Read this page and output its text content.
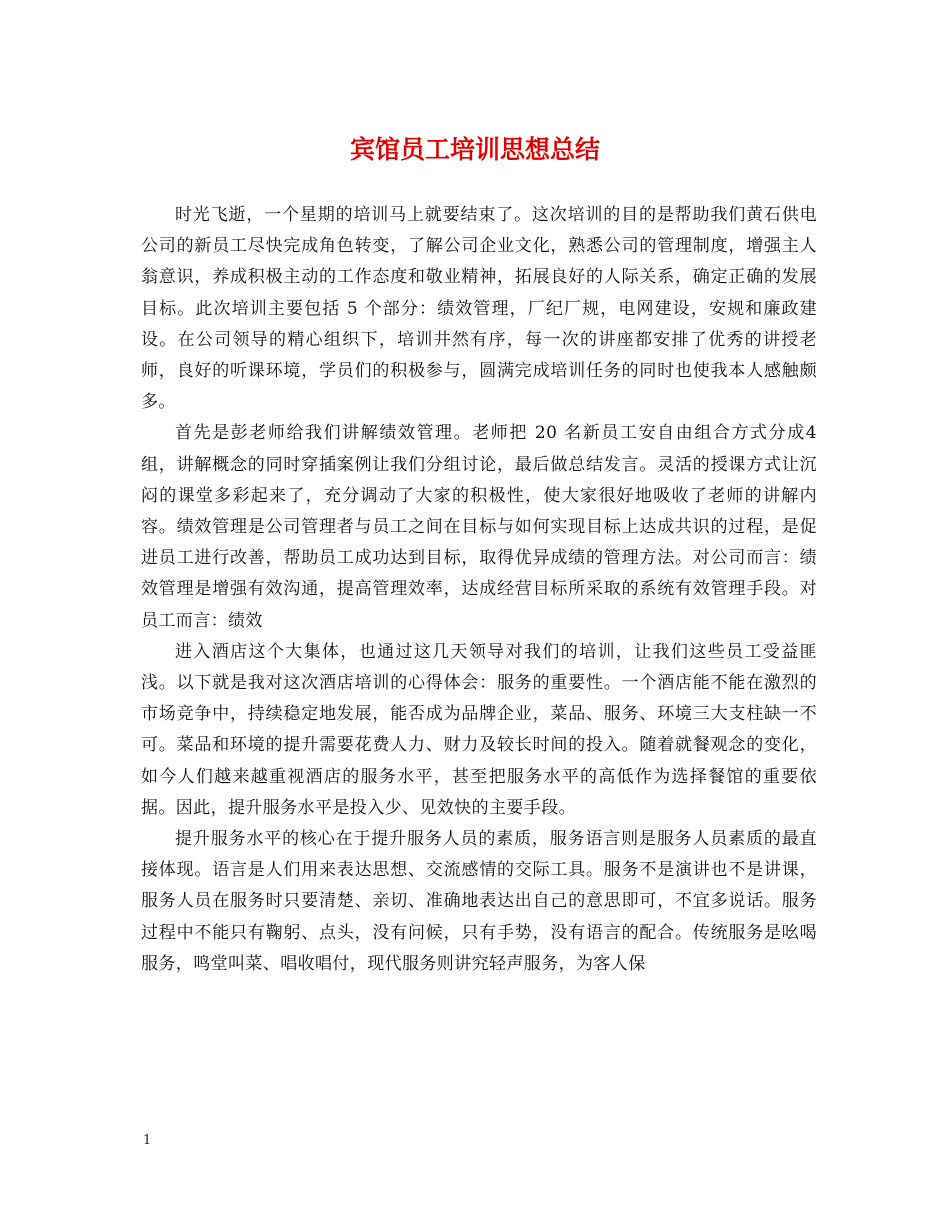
宾馆员工培训思想总结

时光飞逝，一个星期的培训马上就要结束了。这次培训的目的是帮助我们黄石供电公司的新员工尽快完成角色转变，了解公司企业文化，熟悉公司的管理制度，增强主人翁意识，养成积极主动的工作态度和敬业精神，拓展良好的人际关系，确定正确的发展目标。此次培训主要包括 5 个部分：绩效管理，厂纪厂规，电网建设，安规和廉政建设。在公司领导的精心组织下，培训井然有序，每一次的讲座都安排了优秀的讲授老师，良好的听课环境，学员们的积极参与，圆满完成培训任务的同时也使我本人感触颇多。

首先是彭老师给我们讲解绩效管理。老师把 20 名新员工安自由组合方式分成4 组，讲解概念的同时穿插案例让我们分组讨论，最后做总结发言。灵活的授课方式让沉闷的课堂多彩起来了，充分调动了大家的积极性，使大家很好地吸收了老师的讲解内容。绩效管理是公司管理者与员工之间在目标与如何实现目标上达成共识的过程，是促进员工进行改善，帮助员工成功达到目标，取得优异成绩的管理方法。对公司而言：绩效管理是增强有效沟通，提高管理效率，达成经营目标所采取的系统有效管理手段。对员工而言：绩效

进入酒店这个大集体，也通过这几天领导对我们的培训，让我们这些员工受益匪浅。以下就是我对这次酒店培训的心得体会：服务的重要性。一个酒店能不能在激烈的市场竞争中，持续稳定地发展，能否成为品牌企业，菜品、服务、环境三大支柱缺一不可。菜品和环境的提升需要花费人力、财力及较长时间的投入。随着就餐观念的变化，如今人们越来越重视酒店的服务水平，甚至把服务水平的高低作为选择餐馆的重要依据。因此，提升服务水平是投入少、见效快的主要手段。

提升服务水平的核心在于提升服务人员的素质，服务语言则是服务人员素质的最直接体现。语言是人们用来表达思想、交流感情的交际工具。服务不是演讲也不是讲课，服务人员在服务时只要清楚、亲切、准确地表达出自己的意思即可，不宜多说话。服务过程中不能只有鞠躬、点头，没有问候，只有手势，没有语言的配合。传统服务是吆喝服务，鸣堂叫菜、唱收唱付，现代服务则讲究轻声服务，为客人保

1
